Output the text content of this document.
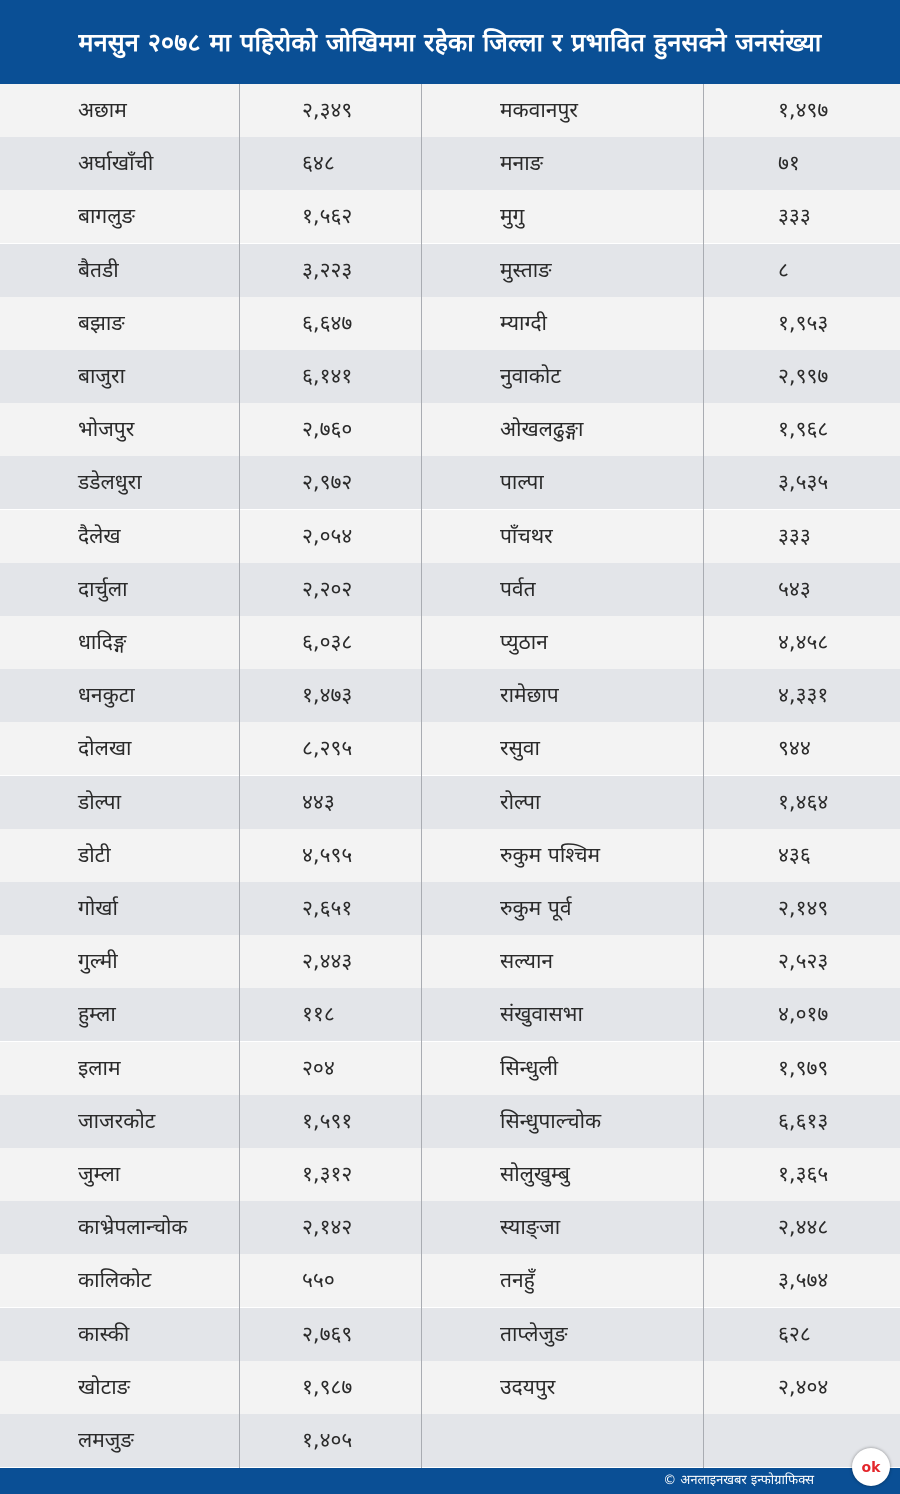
मनसुन २०७८ मा पहिरोको जोखिममा रहेका जिल्ला र प्रभावित हुनसक्ने जनसंख्या
अछाम	२,३४९	मकवानपुर	१,४९७
अर्घाखाँची	६४८	मनाङ	७१
बागलुङ	१,५६२	मुगु	३३३
बैतडी	३,२२३	मुस्ताङ	८
बझाङ	६,६४७	म्याग्दी	१,९५३
बाजुरा	६,१४१	नुवाकोट	२,९९७
भोजपुर	२,७६०	ओखलढुङ्गा	१,९६८
डडेलधुरा	२,९७२	पाल्पा	३,५३५
दैलेख	२,०५४	पाँचथर	३३३
दार्चुला	२,२०२	पर्वत	५४३
धादिङ्ग	६,०३८	प्युठान	४,४५८
धनकुटा	१,४७३	रामेछाप	४,३३१
दोलखा	८,२९५	रसुवा	९४४
डोल्पा	४४३	रोल्पा	१,४६४
डोटी	४,५९५	रुकुम पश्चिम	४३६
गोर्खा	२,६५१	रुकुम पूर्व	२,१४९
गुल्मी	२,४४३	सल्यान	२,५२३
हुम्ला	११८	संखुवासभा	४,०१७
इलाम	२०४	सिन्धुली	१,९७९
जाजरकोट	१,५९१	सिन्धुपाल्चोक	६,६१३
जुम्ला	१,३१२	सोलुखुम्बु	१,३६५
काभ्रेपलान्चोक	२,१४२	स्याङ्जा	२,४४८
कालिकोट	५५०	तनहुँ	३,५७४
कास्की	२,७६९	ताप्लेजुङ	६२८
खोटाङ	१,९८७	उदयपुर	२,४०४
लमजुङ	१,४०५
© अनलाइनखबर इन्फोग्राफिक्स
ok
